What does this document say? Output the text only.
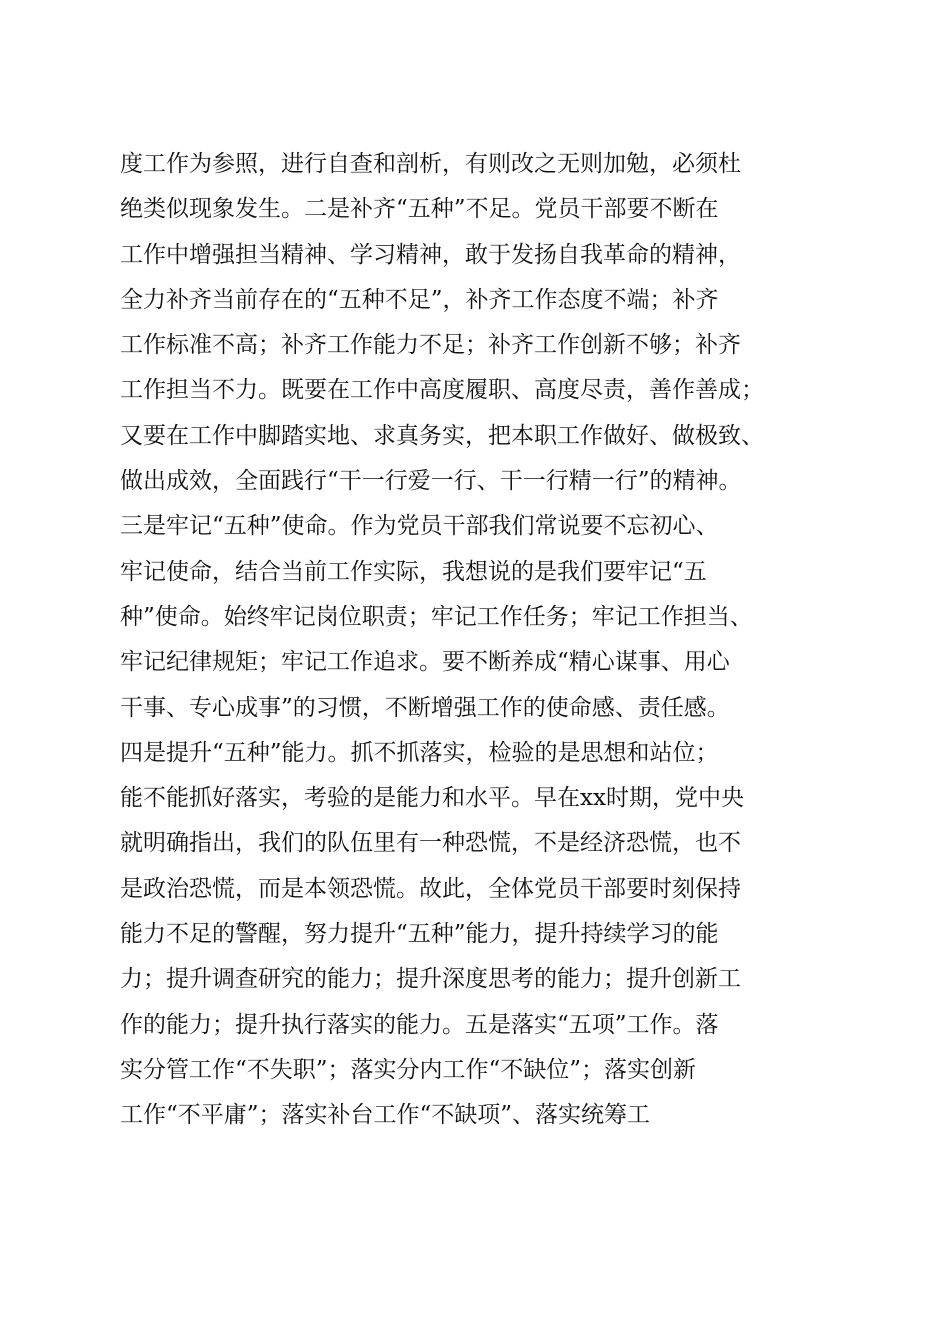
度工作为参照，进行自查和剖析，有则改之无则加勉，必须杜
绝类似现象发生。二是补齐“五种”不足。党员干部要不断在
工作中增强担当精神、学习精神，敢于发扬自我革命的精神，
全力补齐当前存在的“五种不足”，补齐工作态度不端；补齐
工作标准不高；补齐工作能力不足；补齐工作创新不够；补齐
工作担当不力。既要在工作中高度履职、高度尽责，善作善成；
又要在工作中脚踏实地、求真务实，把本职工作做好、做极致、
做出成效，全面践行“干一行爱一行、干一行精一行”的精神。
三是牢记“五种”使命。作为党员干部我们常说要不忘初心、
牢记使命，结合当前工作实际，我想说的是我们要牢记“五
种”使命。始终牢记岗位职责；牢记工作任务；牢记工作担当、
牢记纪律规矩；牢记工作追求。要不断养成“精心谋事、用心
干事、专心成事”的习惯，不断增强工作的使命感、责任感。
四是提升“五种”能力。抓不抓落实，检验的是思想和站位；
能不能抓好落实，考验的是能力和水平。早在xx时期，党中央
就明确指出，我们的队伍里有一种恐慌，不是经济恐慌，也不
是政治恐慌，而是本领恐慌。故此，全体党员干部要时刻保持
能力不足的警醒，努力提升“五种”能力，提升持续学习的能
力；提升调查研究的能力；提升深度思考的能力；提升创新工
作的能力；提升执行落实的能力。五是落实“五项”工作。落
实分管工作“不失职”；落实分内工作“不缺位”；落实创新
工作“不平庸”；落实补台工作“不缺项”、落实统筹工
